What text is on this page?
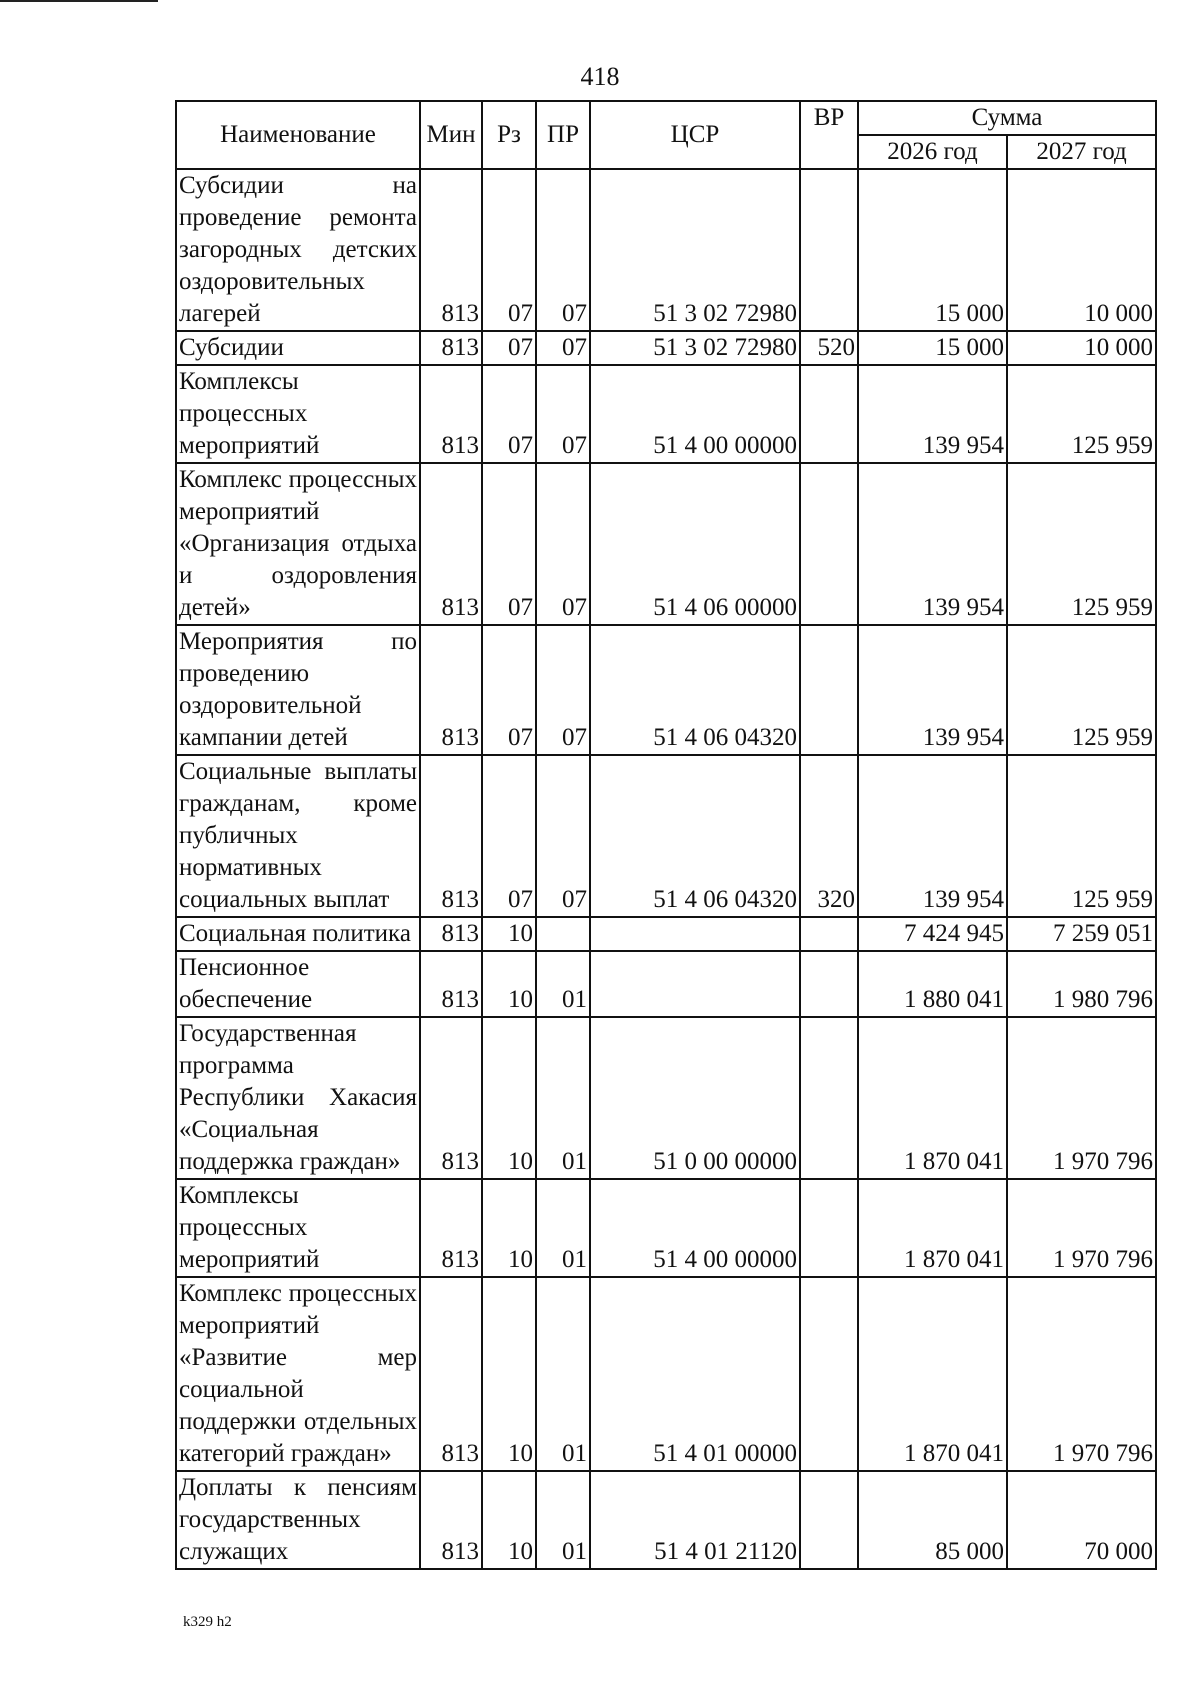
418
Наименование	Мин	Рз	ПР	ЦСР	ВР	Сумма	
						2026 год	2027 год
Субсидии на проведение ремонта загородных детских оздоровительных лагерей	813	07	07	51 3 02 72980		15 000	10 000
Субсидии	813	07	07	51 3 02 72980	520	15 000	10 000
Комплексы процессных мероприятий	813	07	07	51 4 00 00000		139 954	125 959
Комплекс процессных мероприятий «Организация отдыха и оздоровления детей»	813	07	07	51 4 06 00000		139 954	125 959
Мероприятия по проведению оздоровительной кампании детей	813	07	07	51 4 06 04320		139 954	125 959
Социальные выплаты гражданам, кроме публичных нормативных социальных выплат	813	07	07	51 4 06 04320	320	139 954	125 959
Социальная политика	813	10				7 424 945	7 259 051
Пенсионное обеспечение	813	10	01			1 880 041	1 980 796
Государственная программа Республики Хакасия «Социальная поддержка граждан»	813	10	01	51 0 00 00000		1 870 041	1 970 796
Комплексы процессных мероприятий	813	10	01	51 4 00 00000		1 870 041	1 970 796
Комплекс процессных мероприятий «Развитие мер социальной поддержки отдельных категорий граждан»	813	10	01	51 4 01 00000		1 870 041	1 970 796
Доплаты к пенсиям государственных служащих	813	10	01	51 4 01 21120		85 000	70 000
k329 h2
